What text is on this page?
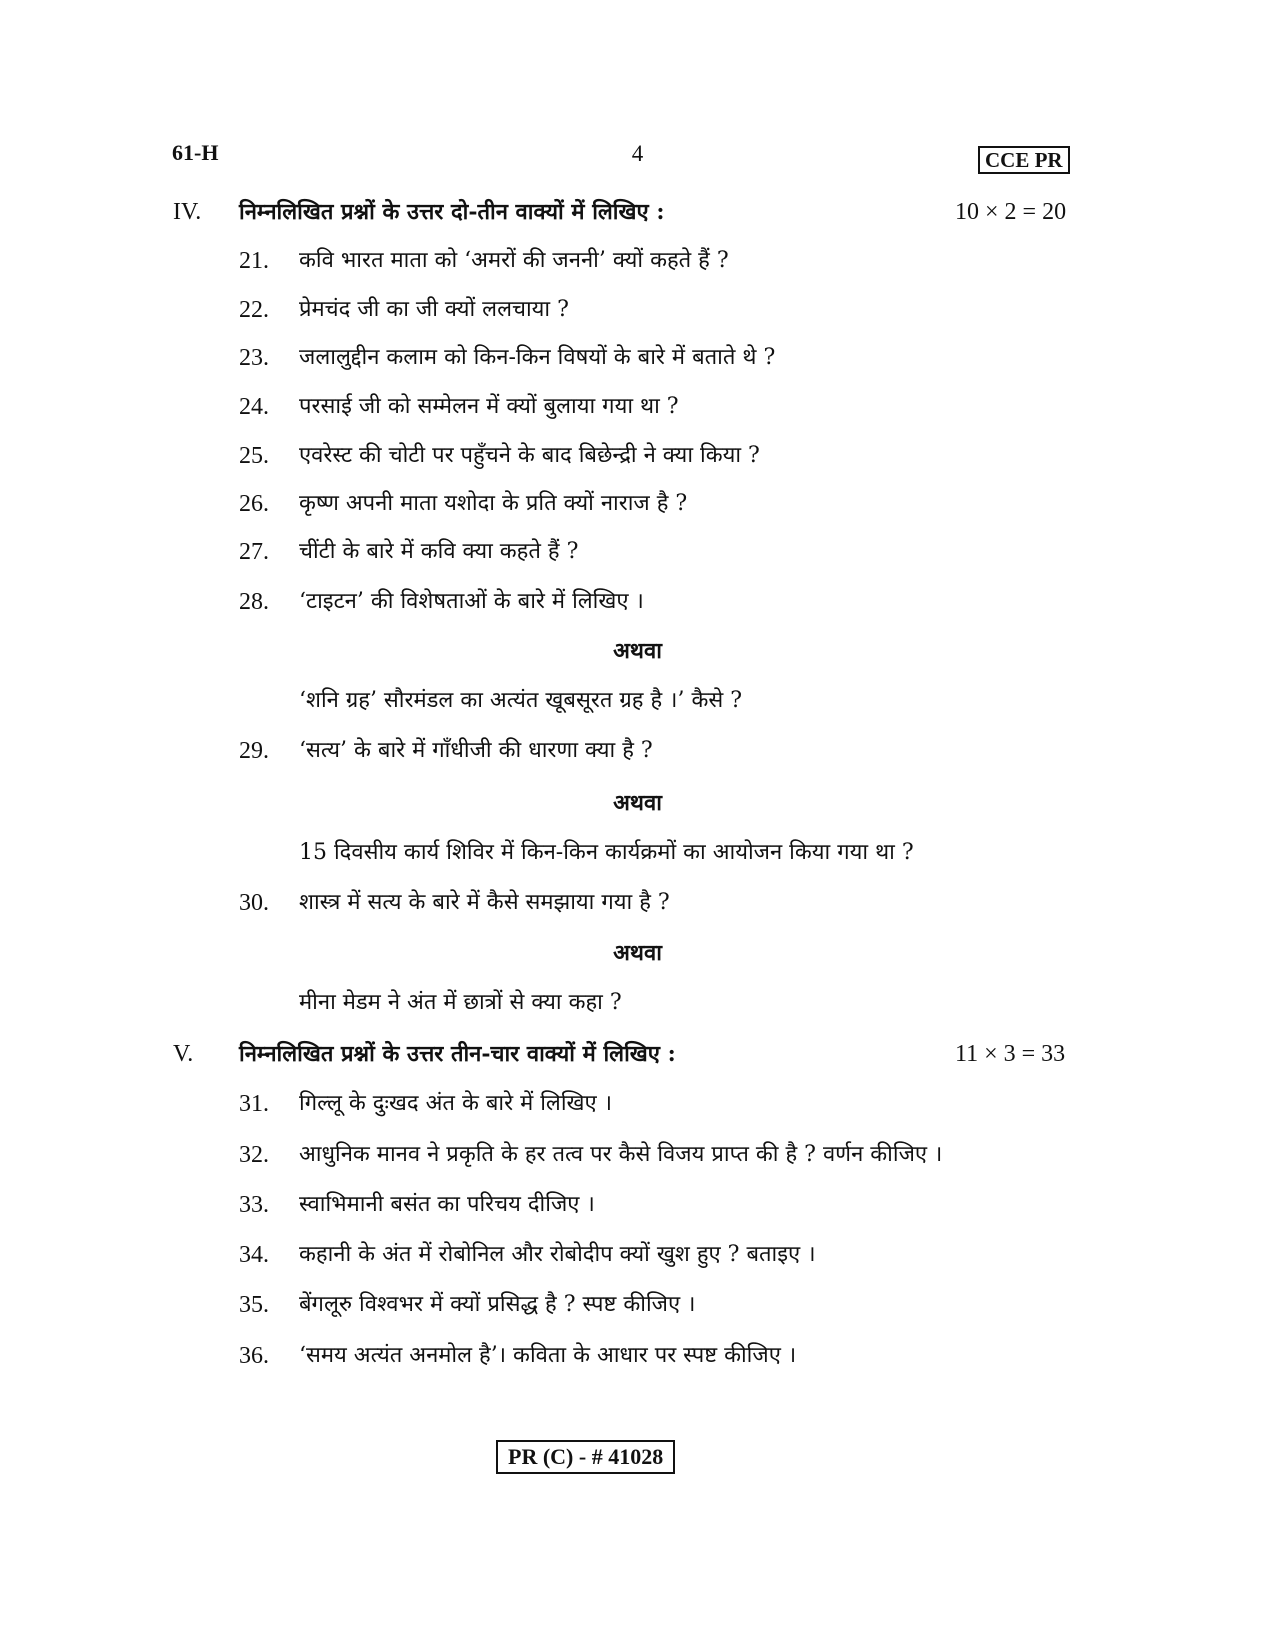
61-H	4	CCE PR
IV. निम्नलिखित प्रश्नों के उत्तर दो-तीन वाक्यों में लिखिए :	10 × 2 = 20
21. कवि भारत माता को ‘अमरों की जननी’ क्यों कहते हैं ?
22. प्रेमचंद जी का जी क्यों ललचाया ?
23. जलालुद्दीन कलाम को किन-किन विषयों के बारे में बताते थे ?
24. परसाई जी को सम्मेलन में क्यों बुलाया गया था ?
25. एवरेस्ट की चोटी पर पहुँचने के बाद बिछेन्द्री ने क्या किया ?
26. कृष्ण अपनी माता यशोदा के प्रति क्यों नाराज है ?
27. चींटी के बारे में कवि क्या कहते हैं ?
28. ‘टाइटन’ की विशेषताओं के बारे में लिखिए ।
अथवा
‘शनि ग्रह’ सौरमंडल का अत्यंत खूबसूरत ग्रह है ।’ कैसे ?
29. ‘सत्य’ के बारे में गाँधीजी की धारणा क्या है ?
अथवा
15 दिवसीय कार्य शिविर में किन-किन कार्यक्रमों का आयोजन किया गया था ?
30. शास्त्र में सत्य के बारे में कैसे समझाया गया है ?
अथवा
मीना मेडम ने अंत में छात्रों से क्या कहा ?
V. निम्नलिखित प्रश्नों के उत्तर तीन-चार वाक्यों में लिखिए :	11 × 3 = 33
31. गिल्लू के दुःखद अंत के बारे में लिखिए ।
32. आधुनिक मानव ने प्रकृति के हर तत्व पर कैसे विजय प्राप्त की है ? वर्णन कीजिए ।
33. स्वाभिमानी बसंत का परिचय दीजिए ।
34. कहानी के अंत में रोबोनिल और रोबोदीप क्यों खुश हुए ? बताइए ।
35. बेंगलूरु विश्वभर में क्यों प्रसिद्ध है ? स्पष्ट कीजिए ।
36. ‘समय अत्यंत अनमोल है’। कविता के आधार पर स्पष्ट कीजिए ।
PR (C) - # 41028
